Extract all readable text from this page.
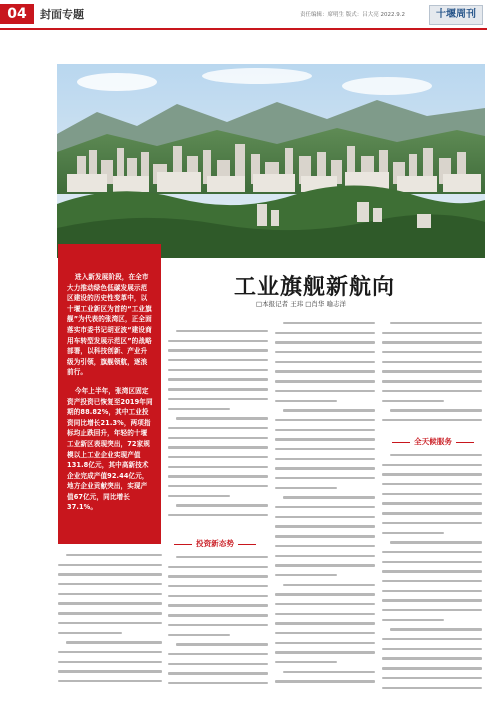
04	封面专题	责任编辑：席明生 版式：吕大亮 2022.9.2	十堰周刊

进入新发展阶段，在全市大力推动绿色低碳发展示范区建设的历史性变革中，以十堰工业新区为首的“工业旗舰”为代表的张湾区，正全面落实市委书记胡亚波“建设商用车转型发展示范区”的战略部署，以科技创新、产业升级为引领，旗舰领航，逐浪前行。

今年上半年，张湾区固定资产投资已恢复至2019年同期的88.82%，其中工业投资同比增长21.3%，两项指标均止跌回升，年轻的十堰工业新区表现突出，72家规模以上工业企业实现产值131.8亿元，其中高新技术企业完成产值92.44亿元，地方企业贡献突出，实现产值67亿元，同比增长37.1%。

工业旗舰新航向
□本报记者 王玮 □肖华 喻志洋
投资新态势
全天候服务
